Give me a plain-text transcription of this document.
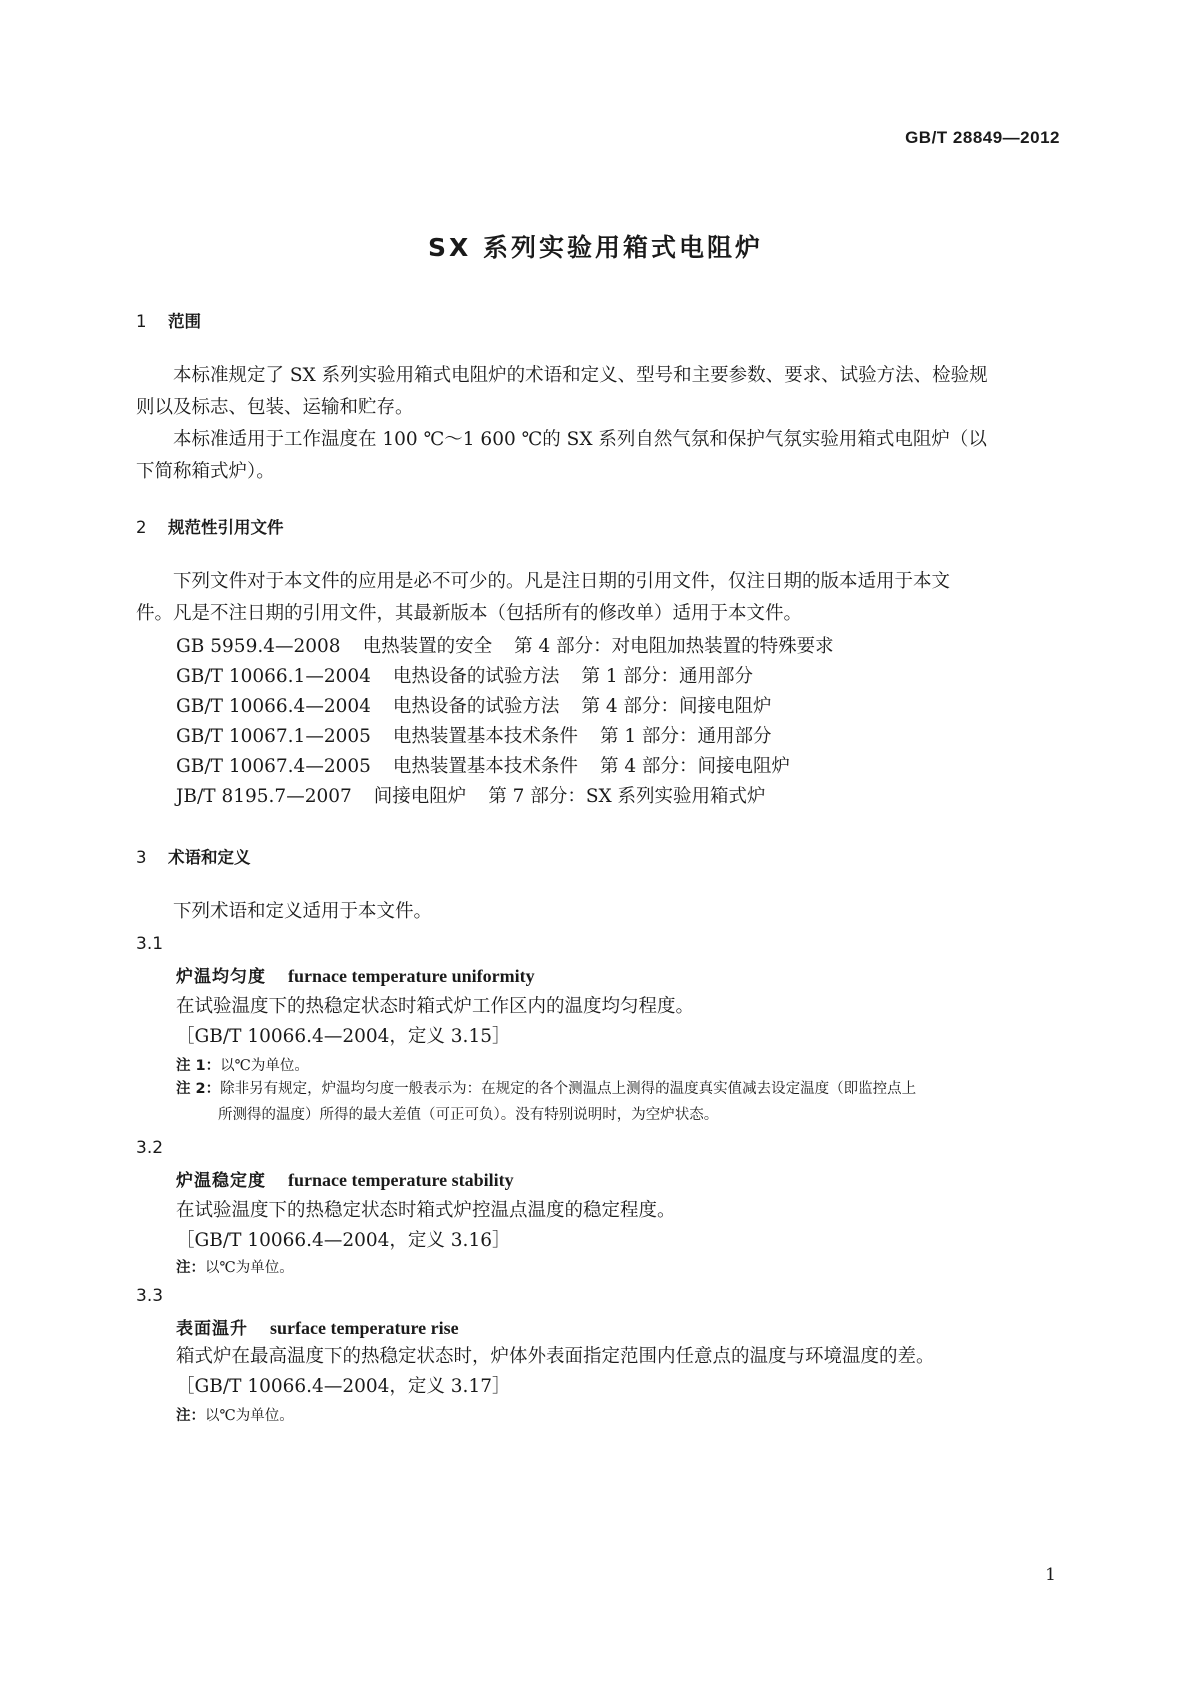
GB/T 28849—2012
SX 系列实验用箱式电阻炉
1 范围
本标准规定了 SX 系列实验用箱式电阻炉的术语和定义、型号和主要参数、要求、试验方法、检验规
则以及标志、包装、运输和贮存。
本标准适用于工作温度在 100 ℃～1 600 ℃的 SX 系列自然气氛和保护气氛实验用箱式电阻炉（以
下简称箱式炉）。
2 规范性引用文件
下列文件对于本文件的应用是必不可少的。凡是注日期的引用文件，仅注日期的版本适用于本文
件。凡是不注日期的引用文件，其最新版本（包括所有的修改单）适用于本文件。
GB 5959.4—2008 电热装置的安全 第 4 部分：对电阻加热装置的特殊要求
GB/T 10066.1—2004 电热设备的试验方法 第 1 部分：通用部分
GB/T 10066.4—2004 电热设备的试验方法 第 4 部分：间接电阻炉
GB/T 10067.1—2005 电热装置基本技术条件 第 1 部分：通用部分
GB/T 10067.4—2005 电热装置基本技术条件 第 4 部分：间接电阻炉
JB/T 8195.7—2007 间接电阻炉 第 7 部分：SX 系列实验用箱式炉
3 术语和定义
下列术语和定义适用于本文件。
3.1
炉温均匀度 furnace temperature uniformity
在试验温度下的热稳定状态时箱式炉工作区内的温度均匀程度。
［GB/T 10066.4—2004，定义 3.15］
注 1：以℃为单位。
注 2：除非另有规定，炉温均匀度一般表示为：在规定的各个测温点上测得的温度真实值减去设定温度（即监控点上
所测得的温度）所得的最大差值（可正可负）。没有特别说明时，为空炉状态。
3.2
炉温稳定度 furnace temperature stability
在试验温度下的热稳定状态时箱式炉控温点温度的稳定程度。
［GB/T 10066.4—2004，定义 3.16］
注：以℃为单位。
3.3
表面温升 surface temperature rise
箱式炉在最高温度下的热稳定状态时，炉体外表面指定范围内任意点的温度与环境温度的差。
［GB/T 10066.4—2004，定义 3.17］
注：以℃为单位。
1
